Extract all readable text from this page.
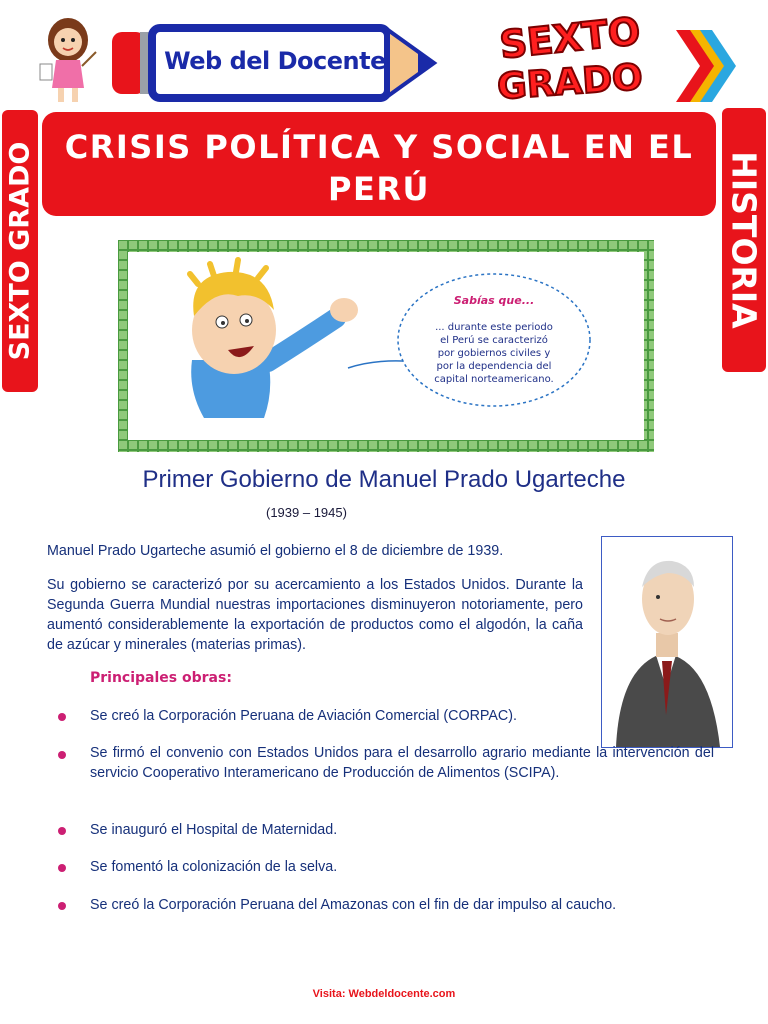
Web del Docente	SEXTO
GRADO
SEXTO GRADO	HISTORIA
CRISIS POLÍTICA Y SOCIAL EN EL PERÚ
Sabías que...
... durante este periodo
el Perú se caracterizó
por gobiernos civiles y
por la dependencia del
capital norteamericano.
Primer Gobierno de Manuel Prado Ugarteche
(1939 – 1945)
Manuel Prado Ugarteche asumió el gobierno el 8 de diciembre de 1939.
Su gobierno se caracterizó por su acercamiento a los Estados Unidos. Durante la Segunda Guerra Mundial nuestras importaciones disminuyeron notoriamente, pero aumentó considerablemente la exportación de productos como el algodón, la caña de azúcar y minerales (materias primas).
Principales obras:
Se creó la Corporación Peruana de Aviación Comercial (CORPAC).
Se firmó el convenio con Estados Unidos para el desarrollo agrario mediante la intervención del servicio Cooperativo Interamericano de Producción de Alimentos (SCIPA).
Se inauguró el Hospital de Maternidad.
Se fomentó la colonización de la selva.
Se creó la Corporación Peruana del Amazonas con el fin de dar impulso al caucho.
Visita: Webdeldocente.com
